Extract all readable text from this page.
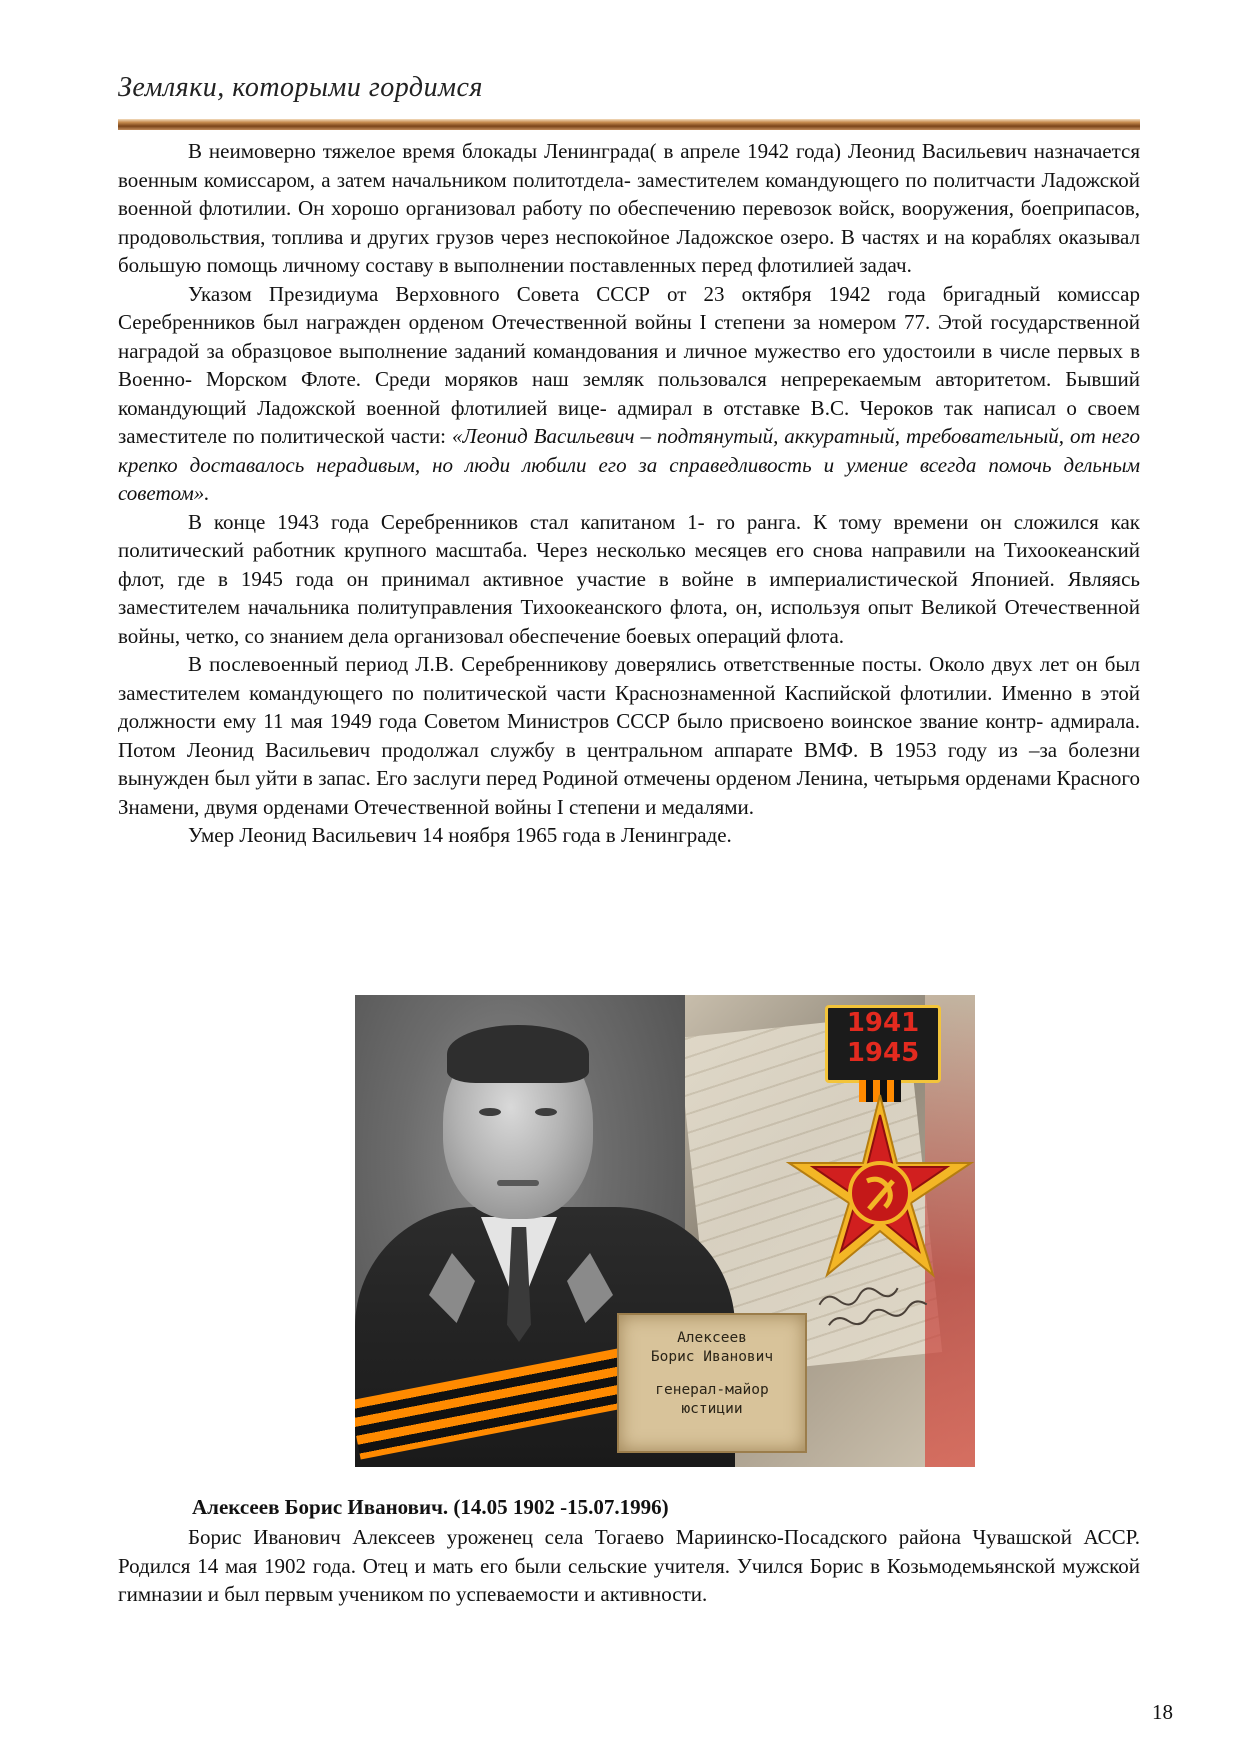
Земляки, которыми гордимся

В неимоверно тяжелое время блокады Ленинграда( в апреле 1942 года) Леонид Васильевич назначается военным комиссаром, а затем начальником политотдела- заместителем командующего по политчасти Ладожской военной флотилии. Он хорошо организовал работу по обеспечению перевозок войск, вооружения, боеприпасов, продовольствия, топлива и других грузов через неспокойное Ладожское озеро. В частях и на кораблях оказывал большую помощь личному составу в выполнении поставленных перед флотилией задач.

Указом Президиума Верховного Совета СССР от 23 октября 1942 года бригадный комиссар Серебренников был награжден орденом Отечественной войны I степени за номером 77. Этой государственной наградой за образцовое выполнение заданий командования и личное мужество его удостоили в числе первых в Военно- Морском Флоте. Среди моряков наш земляк пользовался непререкаемым авторитетом. Бывший командующий Ладожской военной флотилией вице- адмирал в отставке В.С. Чероков так написал о своем заместителе по политической части: «Леонид Васильевич – подтянутый, аккуратный, требовательный, от него крепко доставалось нерадивым, но люди любили его за справедливость и умение всегда помочь дельным советом».

В конце 1943 года Серебренников стал капитаном 1- го ранга. К тому времени он сложился как политический работник крупного масштаба. Через несколько месяцев его снова направили на Тихоокеанский флот, где в 1945 года он принимал активное участие в войне в империалистической Японией. Являясь заместителем начальника политуправления Тихоокеанского флота, он, используя опыт Великой Отечественной войны, четко, со знанием дела организовал обеспечение боевых операций флота.

В послевоенный период Л.В. Серебренникову доверялись ответственные посты. Около двух лет он был заместителем командующего по политической части Краснознаменной Каспийской флотилии. Именно в этой должности ему 11 мая 1949 года Советом Министров СССР было присвоено воинское звание контр- адмирала. Потом Леонид Васильевич продолжал службу в центральном аппарате ВМФ. В 1953 году из –за болезни вынужден был уйти в запас. Его заслуги перед Родиной отмечены орденом Ленина, четырьмя орденами Красного Знамени, двумя орденами Отечественной войны I степени и медалями.

Умер Леонид Васильевич 14 ноября 1965 года в Ленинграде.

Алексеев
Борис Иванович
генерал-майор
юстиции
1941
1945
Алексеев Борис Иванович. (14.05 1902 -15.07.1996)

Борис Иванович Алексеев уроженец села Тогаево Мариинско-Посадского района Чувашской АССР. Родился 14 мая 1902 года. Отец и мать его были сельские учителя. Учился Борис в Козьмодемьянской мужской гимназии и был первым учеником по успеваемости и активности.

18
